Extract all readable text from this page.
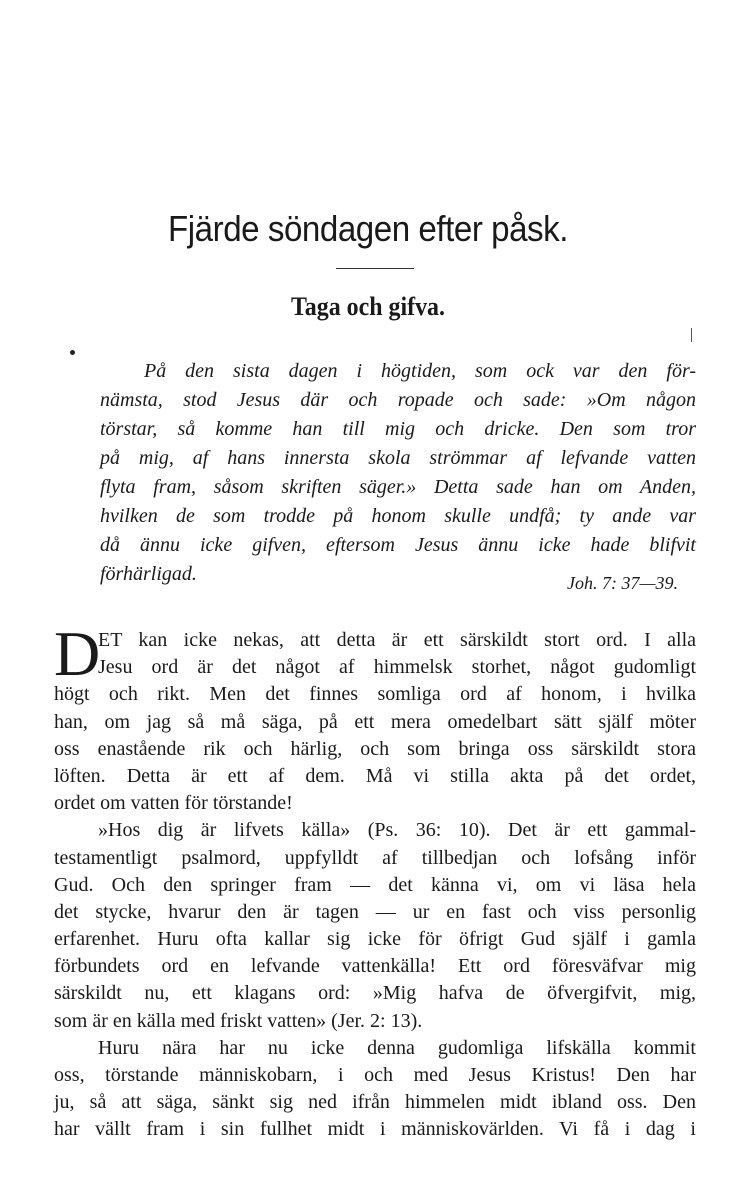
Fjärde söndagen efter påsk.
Taga och gifva.
På den sista dagen i högtiden, som ock var den för-
nämsta, stod Jesus där och ropade och sade: »Om någon
törstar, så komme han till mig och dricke. Den som tror
på mig, af hans innersta skola strömmar af lefvande vatten
flyta fram, såsom skriften säger.» Detta sade han om Anden,
hvilken de som trodde på honom skulle undfå; ty ande var
då ännu icke gifven, eftersom Jesus ännu icke hade blifvit
förhärligad.	Joh. 7: 37—39.
D
ET kan icke nekas, att detta är ett särskildt stort ord. I alla
Jesu ord är det något af himmelsk storhet, något gudomligt
högt och rikt. Men det finnes somliga ord af honom, i hvilka
han, om jag så må säga, på ett mera omedelbart sätt själf möter
oss enastående rik och härlig, och som bringa oss särskildt stora
löften. Detta är ett af dem. Må vi stilla akta på det ordet,
ordet om vatten för törstande!
»Hos dig är lifvets källa» (Ps. 36: 10). Det är ett gammal-
testamentligt psalmord, uppfylldt af tillbedjan och lofsång inför
Gud. Och den springer fram — det känna vi, om vi läsa hela
det stycke, hvarur den är tagen — ur en fast och viss personlig
erfarenhet. Huru ofta kallar sig icke för öfrigt Gud själf i gamla
förbundets ord en lefvande vattenkälla! Ett ord föresväfvar mig
särskildt nu, ett klagans ord: »Mig hafva de öfvergifvit, mig,
som är en källa med friskt vatten» (Jer. 2: 13).
Huru nära har nu icke denna gudomliga lifskälla kommit
oss, törstande människobarn, i och med Jesus Kristus! Den har
ju, så att säga, sänkt sig ned ifrån himmelen midt ibland oss. Den
har vällt fram i sin fullhet midt i människovärlden. Vi få i dag i
